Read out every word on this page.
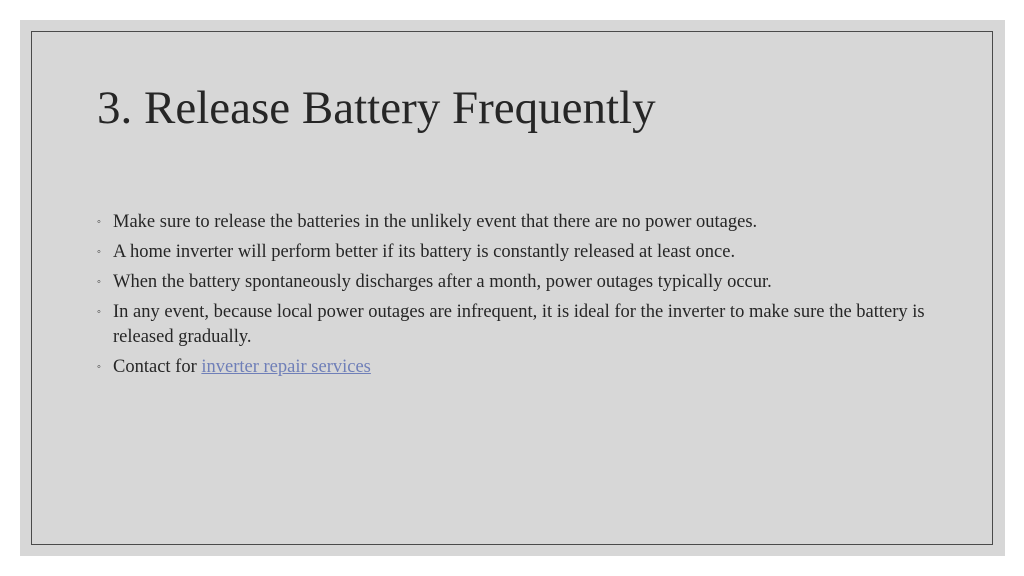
3. Release Battery Frequently
◦ Make sure to release the batteries in the unlikely event that there are no power outages.
◦ A home inverter will perform better if its battery is constantly released at least once.
◦ When the battery spontaneously discharges after a month, power outages typically occur.
◦ In any event, because local power outages are infrequent, it is ideal for the inverter to make sure the battery is released gradually.
◦ Contact for inverter repair services
